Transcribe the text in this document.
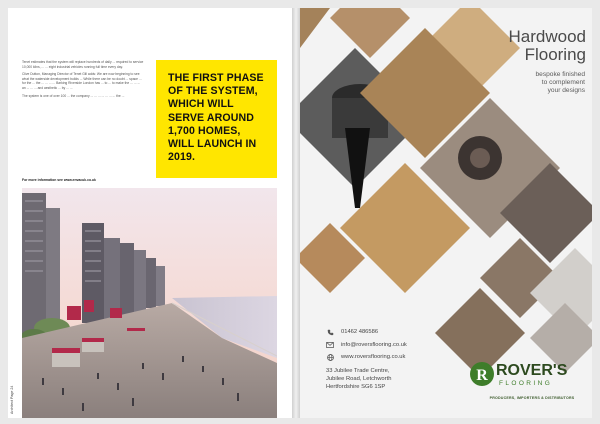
Tenet estimates that the system will replace hundreds of daily ... required to service 10,000 kilns, ... ... eight industrial vehicles running full time every day.

Clive Dutton, Managing Director of Tenet Gill adds: We are now beginning to see what the waterside development builds ... While there can be no doubt ... space ... for the ... the ... ... ... ... Barking Riverside London has ... to ... to make the ... ... ... an ... ... ... and aesthetic ... by ... ...

The system is one of over 100 ... the company ... ... ... ... ... ... ... the ...

For more information see www.envacuk.co.uk
THE FIRST PHASE OF THE SYSTEM, WHICH WILL SERVE AROUND 1,700 HOMES, WILL LAUNCH IN 2019.
Architect Page 24
Hardwood
Flooring
bespoke finished
to complement
your designs
01462 486586
info@roversflooring.co.uk
www.roversflooring.co.uk
33 Jubilee Trade Centre,
Jubilee Road, Letchworth
Hertfordshire SG6 1SP
R ROVER'S
FLOORING
PRODUCERS, IMPORTERS & DISTRIBUTORS
